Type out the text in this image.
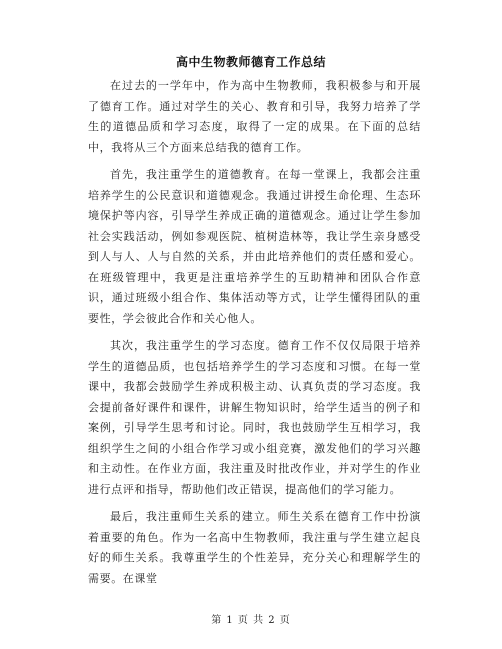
高中生物教师德育工作总结

在过去的一学年中，作为高中生物教师，我积极参与和开展了德育工作。通过对学生的关心、教育和引导，我努力培养了学生的道德品质和学习态度，取得了一定的成果。在下面的总结中，我将从三个方面来总结我的德育工作。

首先，我注重学生的道德教育。在每一堂课上，我都会注重培养学生的公民意识和道德观念。我通过讲授生命伦理、生态环境保护等内容，引导学生养成正确的道德观念。通过让学生参加社会实践活动，例如参观医院、植树造林等，我让学生亲身感受到人与人、人与自然的关系，并由此培养他们的责任感和爱心。在班级管理中，我更是注重培养学生的互助精神和团队合作意识，通过班级小组合作、集体活动等方式，让学生懂得团队的重要性，学会彼此合作和关心他人。

其次，我注重学生的学习态度。德育工作不仅仅局限于培养学生的道德品质，也包括培养学生的学习态度和习惯。在每一堂课中，我都会鼓励学生养成积极主动、认真负责的学习态度。我会提前备好课件和课件，讲解生物知识时，给学生适当的例子和案例，引导学生思考和讨论。同时，我也鼓励学生互相学习，我组织学生之间的小组合作学习或小组竞赛，激发他们的学习兴趣和主动性。在作业方面，我注重及时批改作业，并对学生的作业进行点评和指导，帮助他们改正错误，提高他们的学习能力。

最后，我注重师生关系的建立。师生关系在德育工作中扮演着重要的角色。作为一名高中生物教师，我注重与学生建立起良好的师生关系。我尊重学生的个性差异，充分关心和理解学生的需要。在课堂

第 1 页 共 2 页
